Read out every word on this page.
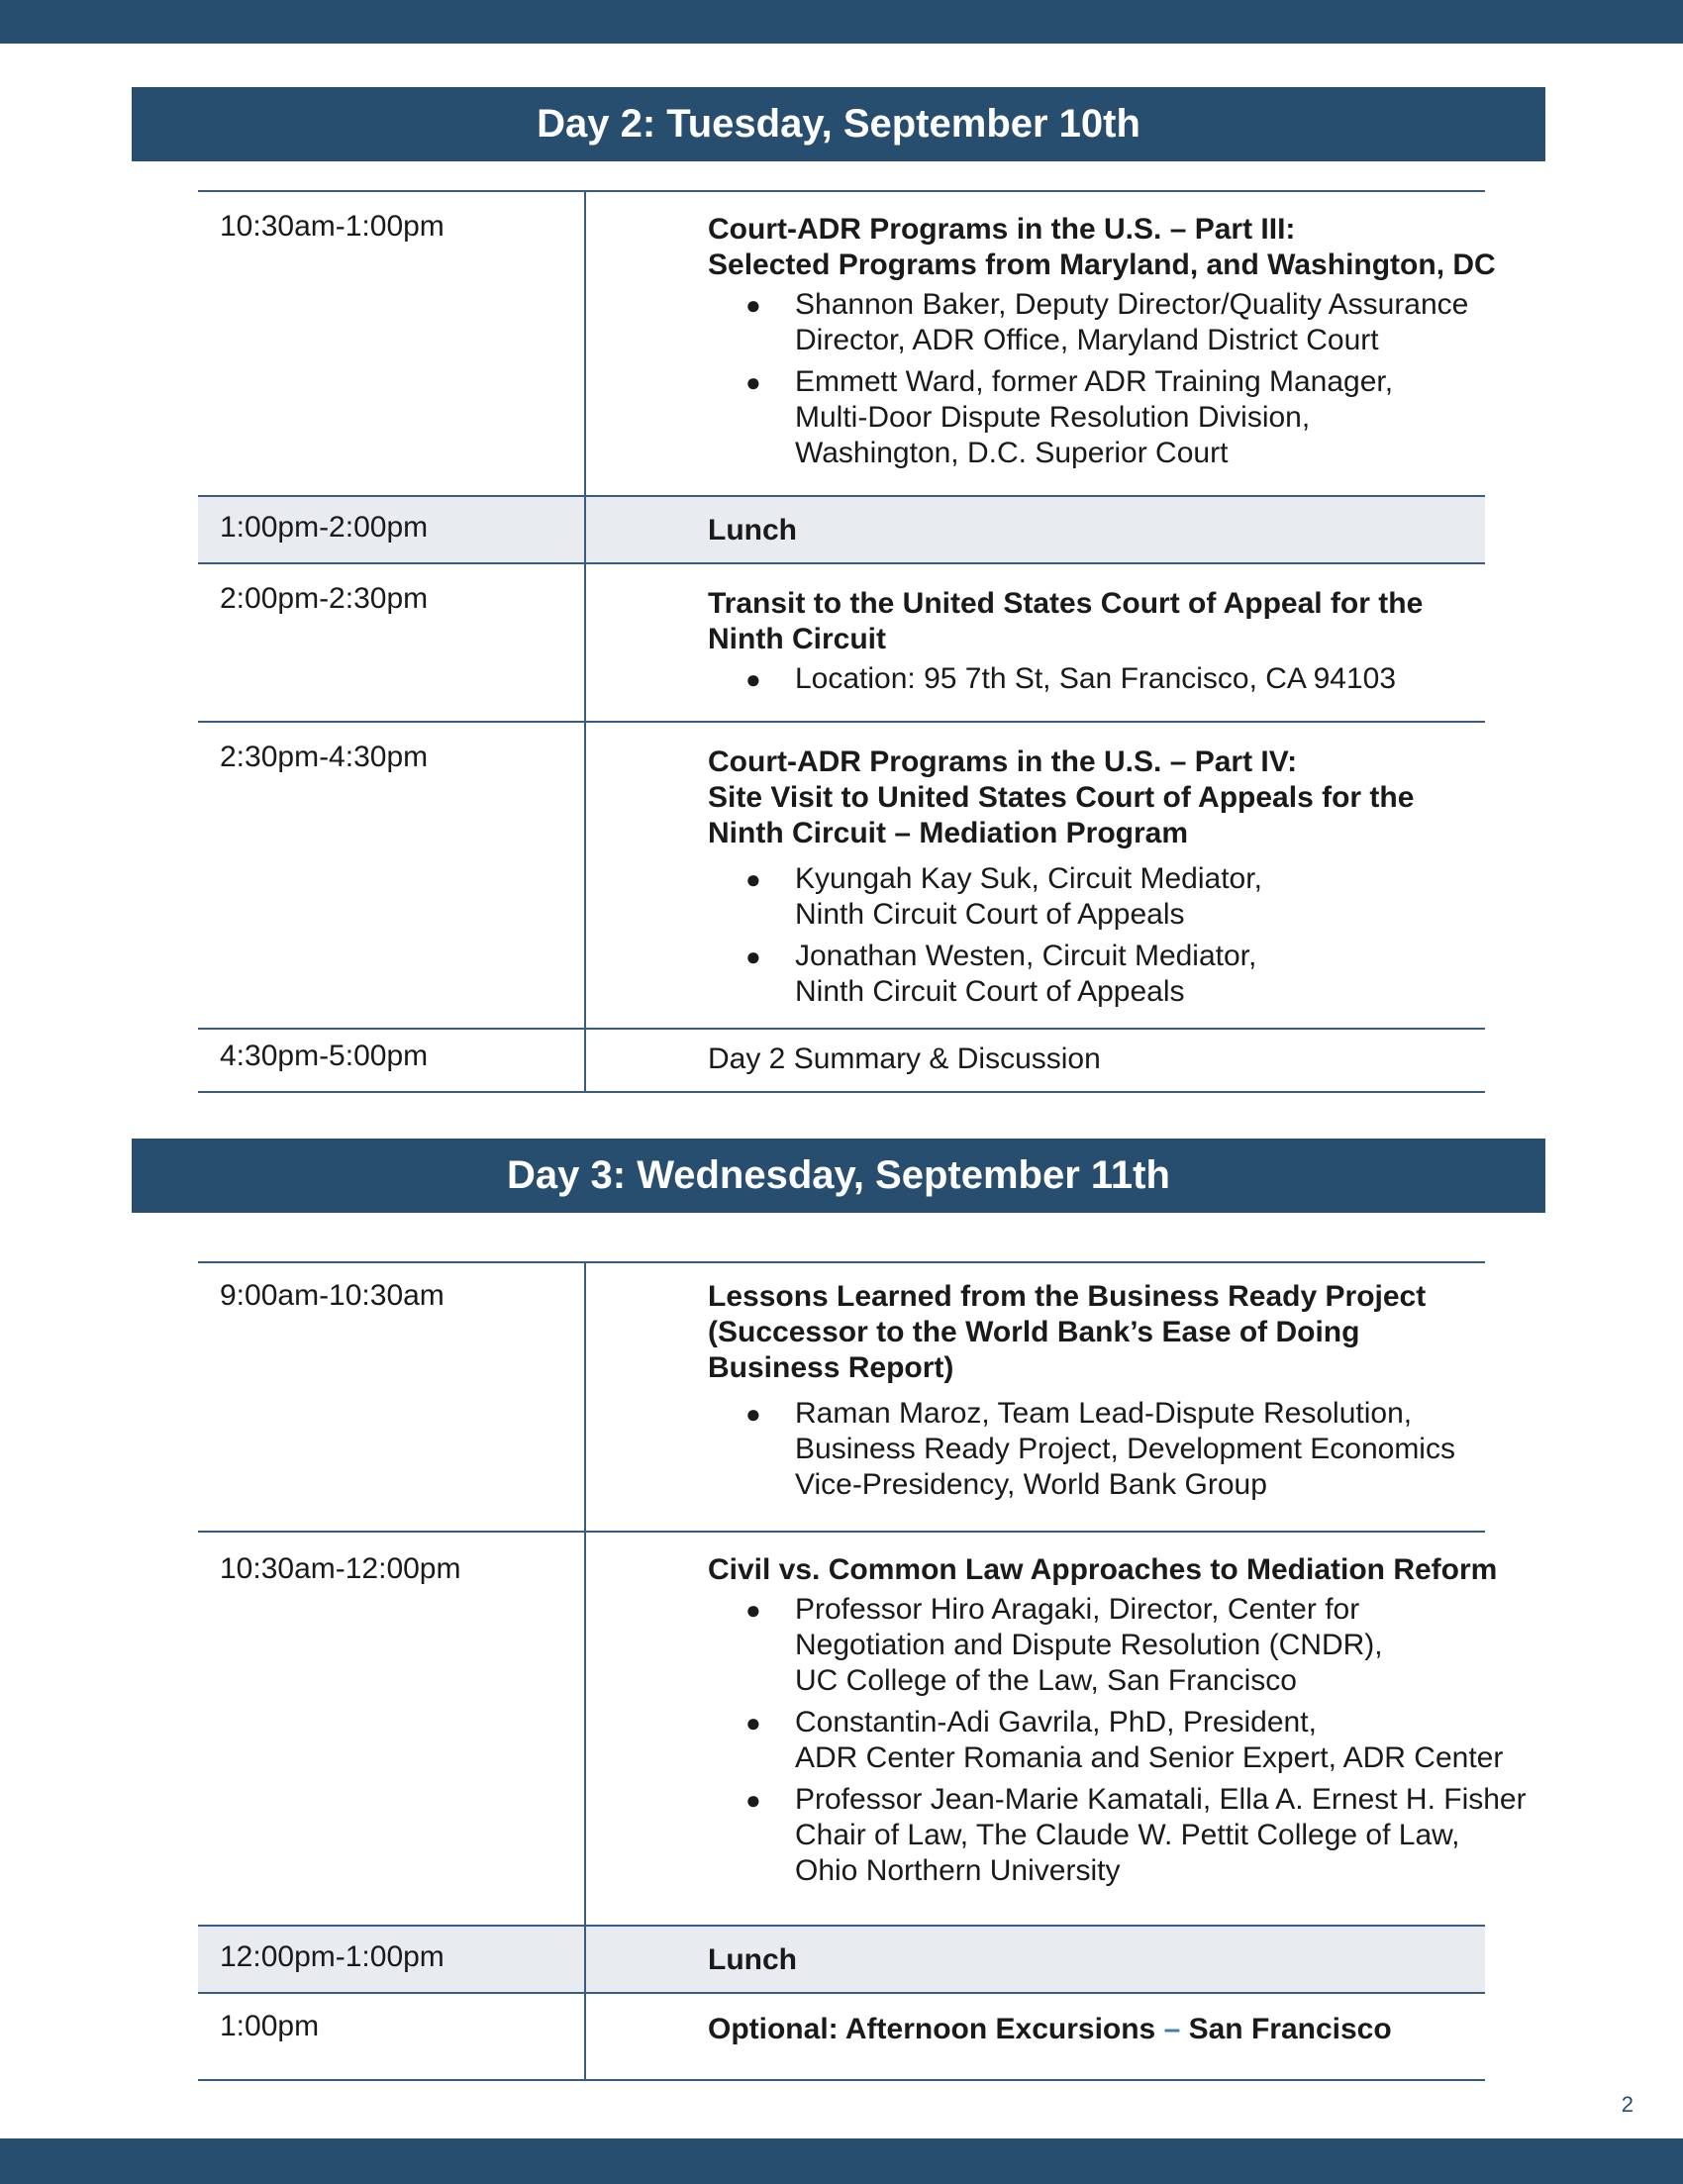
Day 2: Tuesday, September 10th
10:30am-1:00pm	Court-ADR Programs in the U.S. – Part III:
Selected Programs from Maryland, and Washington, DC
● Shannon Baker, Deputy Director/Quality Assurance
Director, ADR Office, Maryland District Court
● Emmett Ward, former ADR Training Manager,
Multi-Door Dispute Resolution Division,
Washington, D.C. Superior Court
1:00pm-2:00pm	Lunch
2:00pm-2:30pm	Transit to the United States Court of Appeal for the
Ninth Circuit
● Location: 95 7th St, San Francisco, CA 94103
2:30pm-4:30pm	Court-ADR Programs in the U.S. – Part IV:
Site Visit to United States Court of Appeals for the
Ninth Circuit – Mediation Program
● Kyungah Kay Suk, Circuit Mediator,
Ninth Circuit Court of Appeals
● Jonathan Westen, Circuit Mediator,
Ninth Circuit Court of Appeals
4:30pm-5:00pm	Day 2 Summary & Discussion
Day 3: Wednesday, September 11th
9:00am-10:30am	Lessons Learned from the Business Ready Project
(Successor to the World Bank’s Ease of Doing
Business Report)
● Raman Maroz, Team Lead-Dispute Resolution,
Business Ready Project, Development Economics
Vice-Presidency, World Bank Group
10:30am-12:00pm	Civil vs. Common Law Approaches to Mediation Reform
● Professor Hiro Aragaki, Director, Center for
Negotiation and Dispute Resolution (CNDR),
UC College of the Law, San Francisco
● Constantin-Adi Gavrila, PhD, President,
ADR Center Romania and Senior Expert, ADR Center
● Professor Jean-Marie Kamatali, Ella A. Ernest H. Fisher
Chair of Law, The Claude W. Pettit College of Law,
Ohio Northern University
12:00pm-1:00pm	Lunch
1:00pm	Optional: Afternoon Excursions – San Francisco
2
